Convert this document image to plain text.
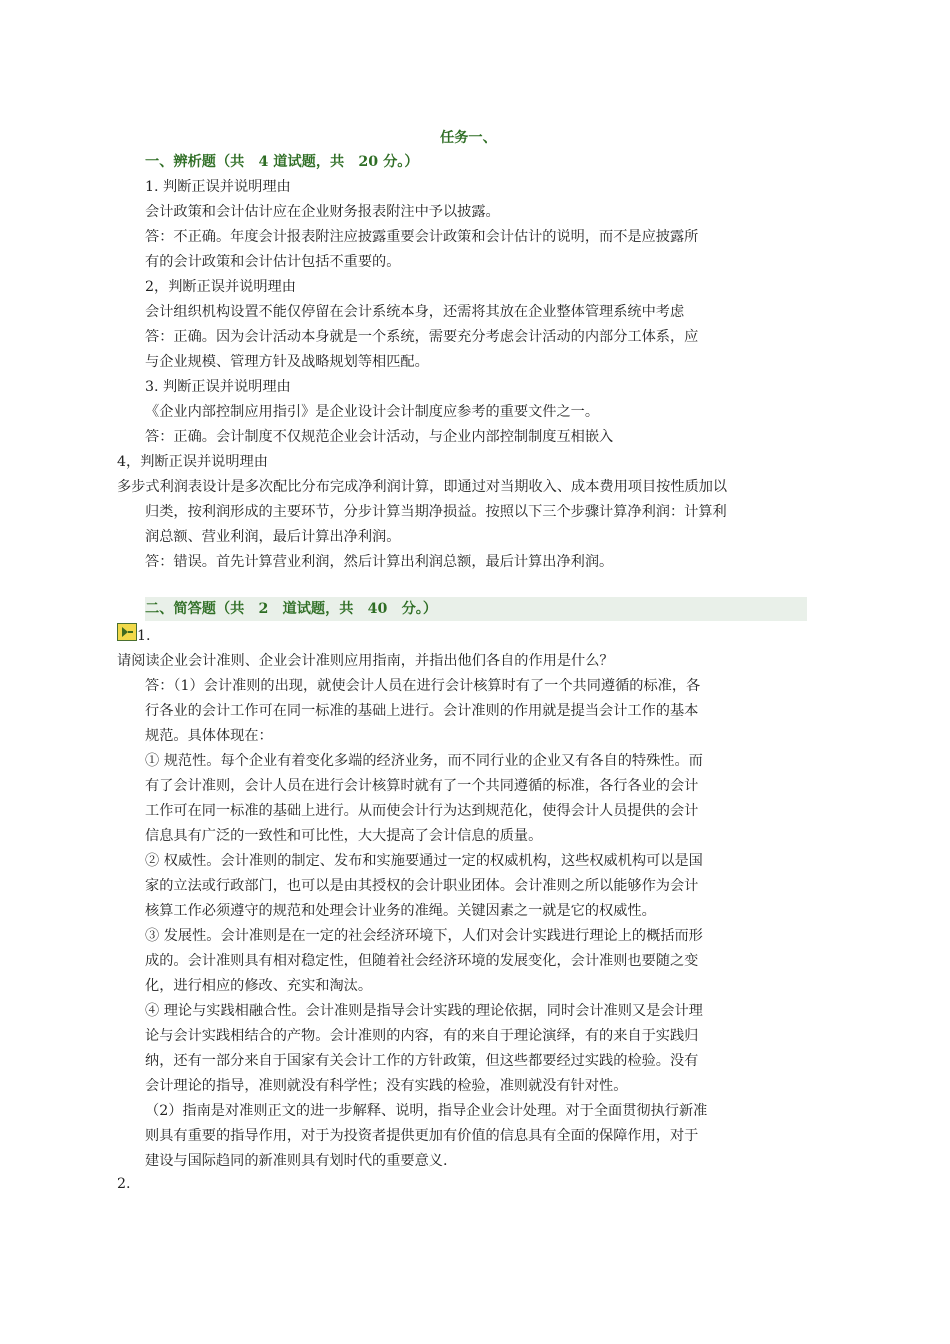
任务一、
一、辨析题（共　4 道试题，共　20 分。）
1. 判断正误并说明理由
会计政策和会计估计应在企业财务报表附注中予以披露。
答：不正确。年度会计报表附注应披露重要会计政策和会计估计的说明，而不是应披露所
有的会计政策和会计估计包括不重要的。
2，判断正误并说明理由
会计组织机构设置不能仅停留在会计系统本身，还需将其放在企业整体管理系统中考虑
答：正确。因为会计活动本身就是一个系统，需要充分考虑会计活动的内部分工体系，应
与企业规模、管理方针及战略规划等相匹配。
3. 判断正误并说明理由
《企业内部控制应用指引》是企业设计会计制度应参考的重要文件之一。
答：正确。会计制度不仅规范企业会计活动，与企业内部控制制度互相嵌入
4，判断正误并说明理由
多步式利润表设计是多次配比分布完成净利润计算，即通过对当期收入、成本费用项目按性质加以
归类，按利润形成的主要环节，分步计算当期净损益。按照以下三个步骤计算净利润：计算利
润总额、营业利润，最后计算出净利润。
答：错误。首先计算营业利润，然后计算出利润总额，最后计算出净利润。
二、简答题（共　2　道试题，共　40　分。）
1.
请阅读企业会计准则、企业会计准则应用指南，并指出他们各自的作用是什么？
答：（1）会计准则的出现，就使会计人员在进行会计核算时有了一个共同遵循的标准，各
行各业的会计工作可在同一标准的基础上进行。会计准则的作用就是提当会计工作的基本
规范。具体体现在：
① 规范性。每个企业有着变化多端的经济业务，而不同行业的企业又有各自的特殊性。而
有了会计准则，会计人员在进行会计核算时就有了一个共同遵循的标准，各行各业的会计
工作可在同一标准的基础上进行。从而使会计行为达到规范化，使得会计人员提供的会计
信息具有广泛的一致性和可比性，大大提高了会计信息的质量。
② 权威性。会计准则的制定、发布和实施要通过一定的权威机构，这些权威机构可以是国
家的立法或行政部门，也可以是由其授权的会计职业团体。会计准则之所以能够作为会计
核算工作必须遵守的规范和处理会计业务的准绳。关键因素之一就是它的权威性。
③ 发展性。会计准则是在一定的社会经济环境下，人们对会计实践进行理论上的概括而形
成的。会计准则具有相对稳定性，但随着社会经济环境的发展变化，会计准则也要随之变
化，进行相应的修改、充实和淘汰。
④ 理论与实践相融合性。会计准则是指导会计实践的理论依据，同时会计准则又是会计理
论与会计实践相结合的产物。会计准则的内容，有的来自于理论演绎，有的来自于实践归
纳，还有一部分来自于国家有关会计工作的方针政策，但这些都要经过实践的检验。没有
会计理论的指导，准则就没有科学性；没有实践的检验，准则就没有针对性。
（2）指南是对准则正文的进一步解释、说明，指导企业会计处理。对于全面贯彻执行新准
则具有重要的指导作用，对于为投资者提供更加有价值的信息具有全面的保障作用，对于
建设与国际趋同的新准则具有划时代的重要意义.
2.
